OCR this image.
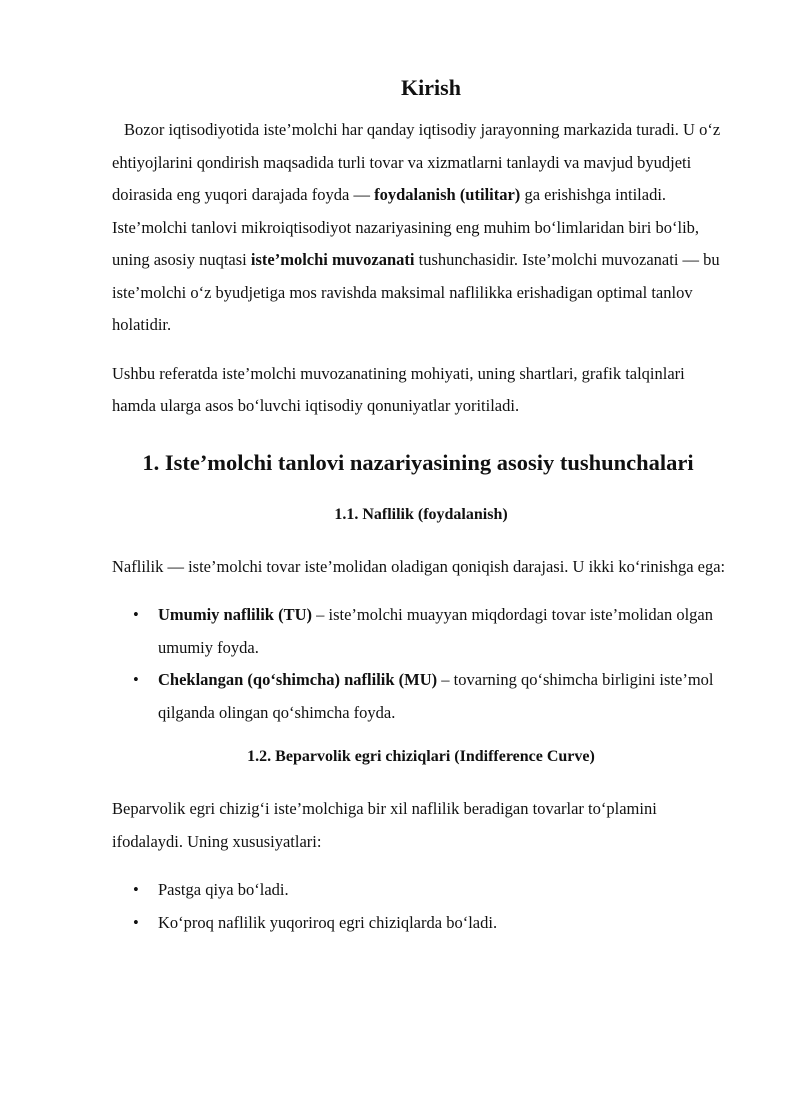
Kirish

Bozor iqtisodiyotida iste’molchi har qanday iqtisodiy jarayonning markazida turadi. U o‘z ehtiyojlarini qondirish maqsadida turli tovar va xizmatlarni tanlaydi va mavjud byudjeti doirasida eng yuqori darajada foyda — foydalanish (utilitar) ga erishishga intiladi. Iste’molchi tanlovi mikroiqtisodiyot nazariyasining eng muhim bo‘limlaridan biri bo‘lib, uning asosiy nuqtasi iste’molchi muvozanati tushunchasidir. Iste’molchi muvozanati — bu iste’molchi o‘z byudjetiga mos ravishda maksimal naflilikka erishadigan optimal tanlov holatidir.

Ushbu referatda iste’molchi muvozanatining mohiyati, uning shartlari, grafik talqinlari hamda ularga asos bo‘luvchi iqtisodiy qonuniyatlar yoritiladi.

1. Iste’molchi tanlovi nazariyasining asosiy tushunchalari
1.1. Naflilik (foydalanish)

Naflilik — iste’molchi tovar iste’molidan oladigan qoniqish darajasi. U ikki ko‘rinishga ega:

• Umumiy naflilik (TU) – iste’molchi muayyan miqdordagi tovar iste’molidan olgan umumiy foyda.
• Cheklangan (qo‘shimcha) naflilik (MU) – tovarning qo‘shimcha birligini iste’mol qilganda olingan qo‘shimcha foyda.
1.2. Beparvolik egri chiziqlari (Indifference Curve)

Beparvolik egri chizig‘i iste’molchiga bir xil naflilik beradigan tovarlar to‘plamini ifodalaydi. Uning xususiyatlari:

• Pastga qiya bo‘ladi.
• Ko‘proq naflilik yuqoriroq egri chiziqlarda bo‘ladi.
